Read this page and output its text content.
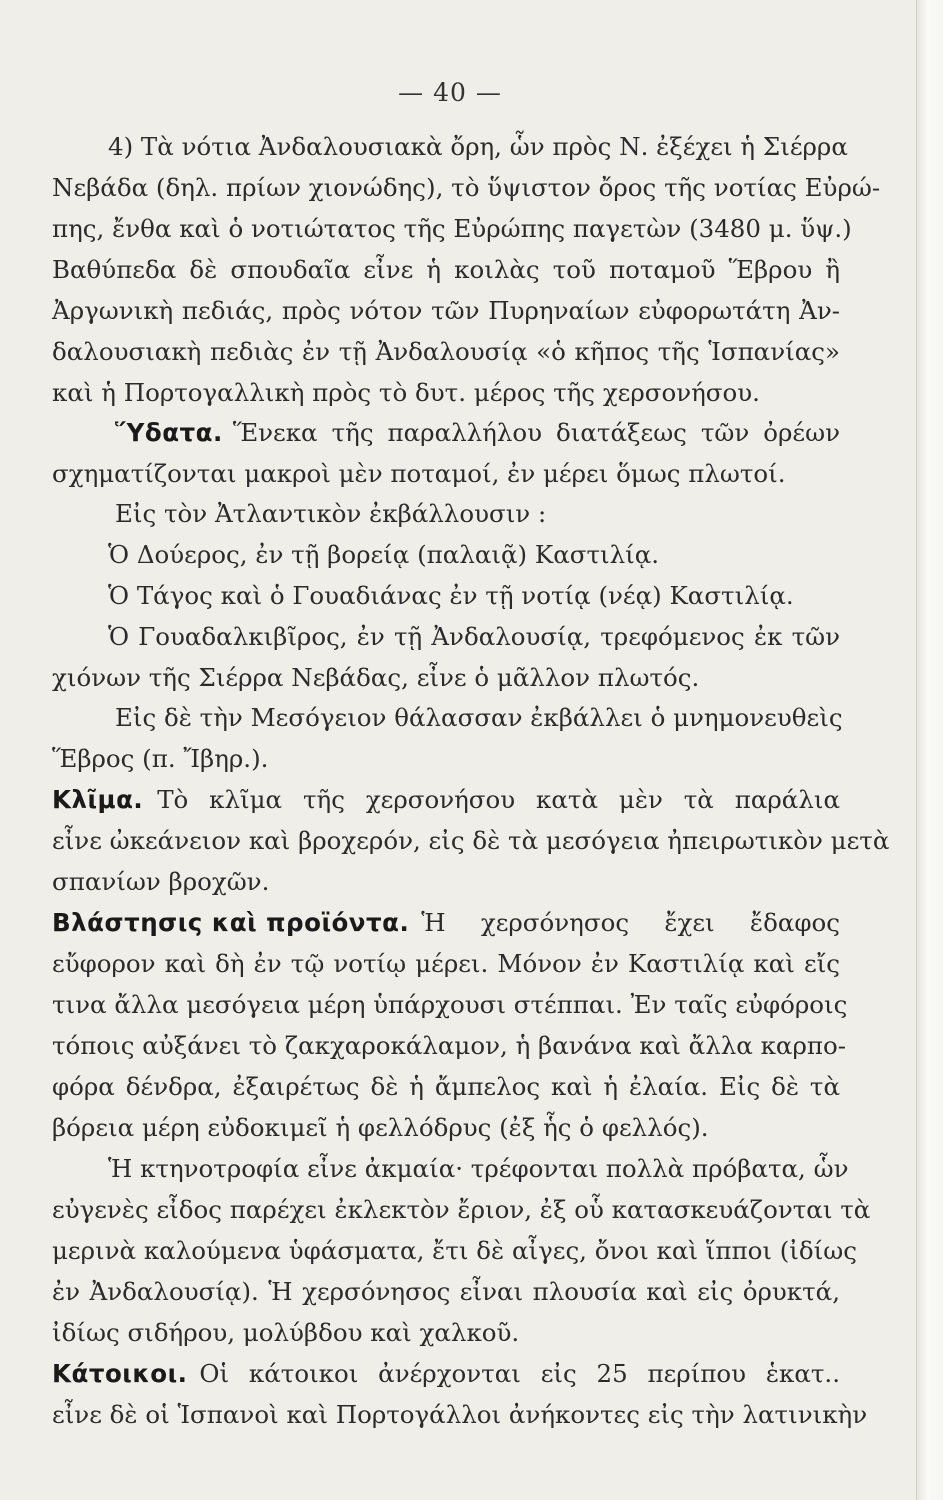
— 40 —
4) Τὰ νότια Ἀνδαλουσιακὰ ὄρη, ὧν πρὸς Ν. ἐξέχει ἡ Σιέρρα
Νεβάδα (δηλ. πρίων χιονώδης), τὸ ὕψιστον ὄρος τῆς νοτίας Εὐρώ-
πης, ἔνθα καὶ ὁ νοτιώτατος τῆς Εὐρώπης παγετὼν (3480 μ. ὕψ.)
Βαθύπεδα δὲ σπουδαῖα εἶνε ἡ κοιλὰς τοῦ ποταμοῦ Ἕβρου ἢ
Ἀργωνικὴ πεδιάς, πρὸς νότον τῶν Πυρηναίων εὐφορωτάτη Ἀν-
δαλουσιακὴ πεδιὰς ἐν τῇ Ἀνδαλουσίᾳ «ὁ κῆπος τῆς Ἱσπανίας»
καὶ ἡ Πορτογαλλικὴ πρὸς τὸ δυτ. μέρος τῆς χερσονήσου.
Ὕδατα. Ἕνεκα τῆς παραλλήλου διατάξεως τῶν ὀρέων
σχηματίζονται μακροὶ μὲν ποταμοί, ἐν μέρει ὅμως πλωτοί.
Εἰς τὸν Ἀτλαντικὸν ἐκβάλλουσιν :
Ὁ Δούερος, ἐν τῇ βορείᾳ (παλαιᾷ) Καστιλίᾳ.
Ὁ Τάγος καὶ ὁ Γουαδιάνας ἐν τῇ νοτίᾳ (νέᾳ) Καστιλίᾳ.
Ὁ Γουαδαλκιβῖρος, ἐν τῇ Ἀνδαλουσίᾳ, τρεφόμενος ἐκ τῶν
χιόνων τῆς Σιέρρα Νεβάδας, εἶνε ὁ μᾶλλον πλωτός.
Εἰς δὲ τὴν Μεσόγειον θάλασσαν ἐκβάλλει ὁ μνημονευθεὶς
Ἕβρος (π. Ἴβηρ.).
Κλῖμα. Τὸ κλῖμα τῆς χερσονήσου κατὰ μὲν τὰ παράλια
εἶνε ὠκεάνειον καὶ βροχερόν, εἰς δὲ τὰ μεσόγεια ἠπειρωτικὸν μετὰ
σπανίων βροχῶν.
Βλάστησις καὶ προϊόντα. Ἡ χερσόνησος ἔχει ἔδαφος
εὔφορον καὶ δὴ ἐν τῷ νοτίῳ μέρει. Μόνον ἐν Καστιλίᾳ καὶ εἴς
τινα ἄλλα μεσόγεια μέρη ὑπάρχουσι στέππαι. Ἐν ταῖς εὐφόροις
τόποις αὐξάνει τὸ ζακχαροκάλαμον, ἡ βανάνα καὶ ἄλλα καρπο-
φόρα δένδρα, ἐξαιρέτως δὲ ἡ ἄμπελος καὶ ἡ ἐλαία. Εἰς δὲ τὰ
βόρεια μέρη εὐδοκιμεῖ ἡ φελλόδρυς (ἐξ ἧς ὁ φελλός).
Ἡ κτηνοτροφία εἶνε ἀκμαία· τρέφονται πολλὰ πρόβατα, ὧν
εὐγενὲς εἶδος παρέχει ἐκλεκτὸν ἔριον, ἐξ οὗ κατασκευάζονται τὰ
μερινὰ καλούμενα ὑφάσματα, ἔτι δὲ αἶγες, ὄνοι καὶ ἵπποι (ἰδίως
ἐν Ἀνδαλουσίᾳ). Ἡ χερσόνησος εἶναι πλουσία καὶ εἰς ὀρυκτά,
ἰδίως σιδήρου, μολύβδου καὶ χαλκοῦ.
Κάτοικοι. Οἱ κάτοικοι ἀνέρχονται εἰς 25 περίπου ἑκατ..
εἶνε δὲ οἱ Ἱσπανοὶ καὶ Πορτογάλλοι ἀνήκοντες εἰς τὴν λατινικὴν
